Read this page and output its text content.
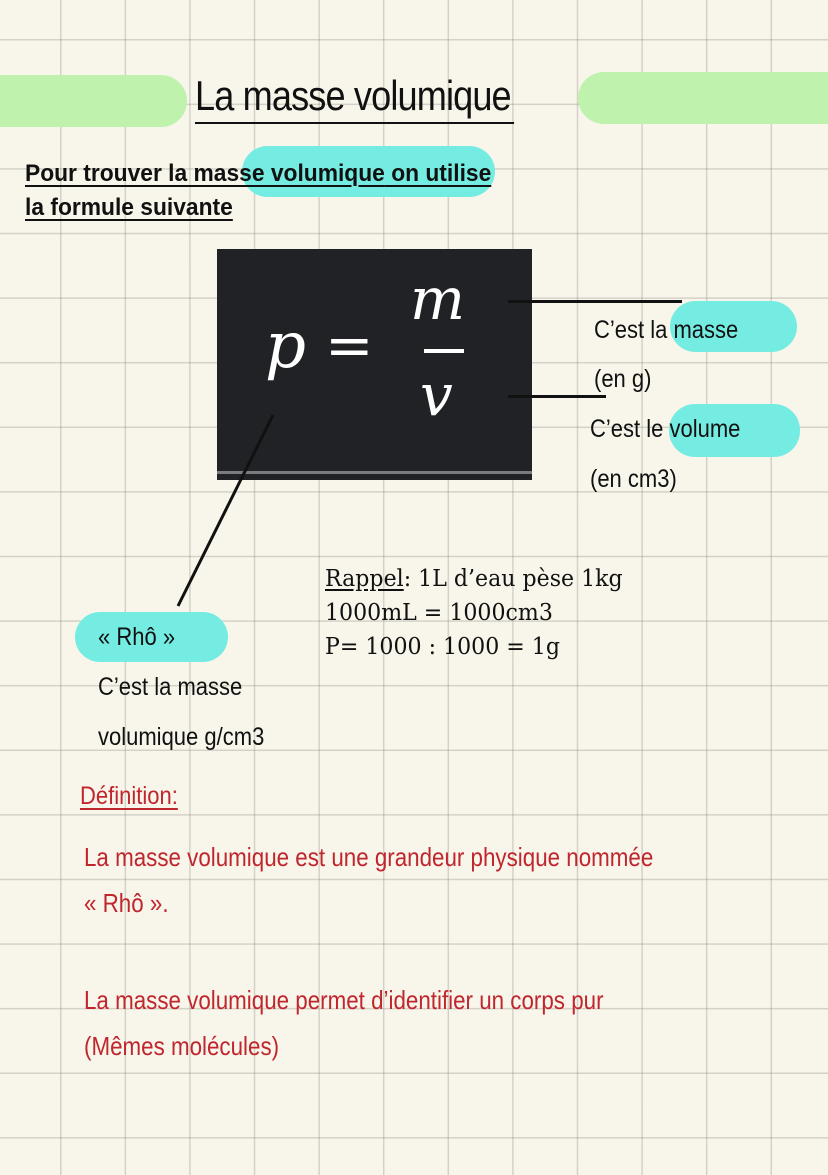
La masse volumique
Pour trouver la masse volumique on utilise
la formule suivante
p =
m
v
C’est la masse
(en g)
C’est le volume
(en cm3)
« Rhô »
C’est la masse
volumique g/cm3
Rappel: 1L d’eau pèse 1kg
1000mL = 1000cm3
P= 1000 : 1000 = 1g
Définition:
La masse volumique est une grandeur physique nommée
« Rhô ».
La masse volumique permet d’identifier un corps pur
(Mêmes molécules)
